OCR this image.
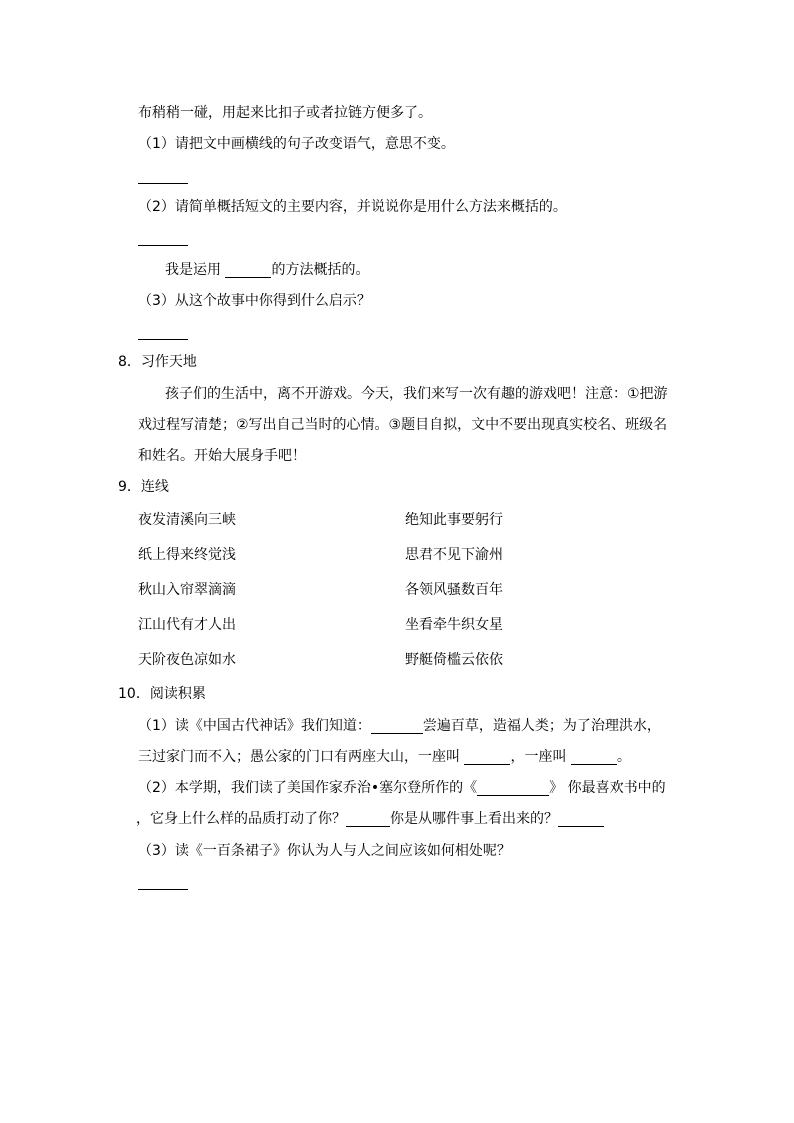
布稍稍一碰，用起来比扣子或者拉链方便多了。
（1）请把文中画横线的句子改变语气，意思不变。
（2）请简单概括短文的主要内容，并说说你是用什么方法来概括的。
我是运用	的方法概括的。
（3）从这个故事中你得到什么启示？
8．习作天地
孩子们的生活中，离不开游戏。今天，我们来写一次有趣的游戏吧！注意：①把游
戏过程写清楚；②写出自己当时的心情。③题目自拟，文中不要出现真实校名、班级名
和姓名。开始大展身手吧！
9．连线
夜发清溪向三峡	绝知此事要躬行
纸上得来终觉浅	思君不见下渝州
秋山入帘翠滴滴	各领风骚数百年
江山代有才人出	坐看牵牛织女星
天阶夜色凉如水	野艇倚槛云依依
10．阅读积累
（1）读《中国古代神话》我们知道：	尝遍百草，造福人类；为了治理洪水，
三过家门而不入；愚公家的门口有两座大山，一座叫	，一座叫	。
（2）本学期，我们读了美国作家乔治•塞尔登所作的《	》 你最喜欢书中的
，它身上什么样的品质打动了你？	你是从哪件事上看出来的？
（3）读《一百条裙子》你认为人与人之间应该如何相处呢？
